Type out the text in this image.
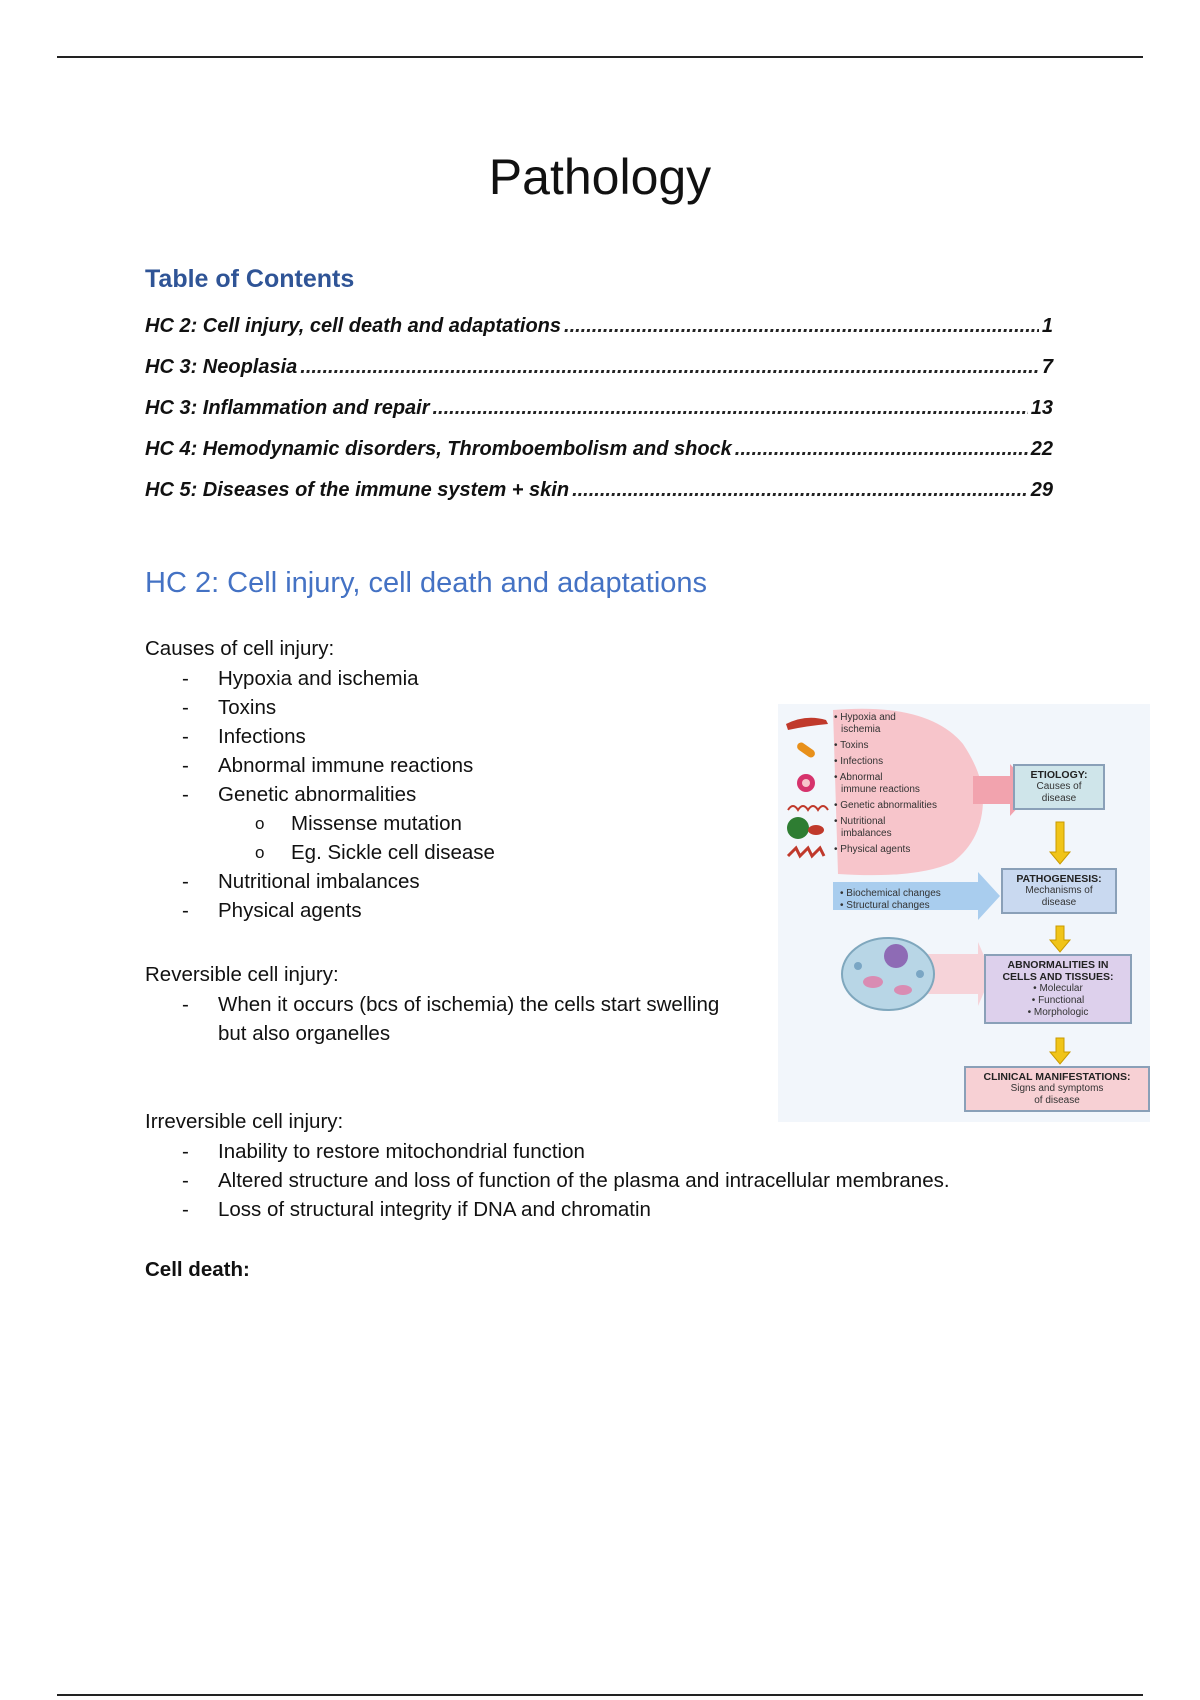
Pathology
Table of Contents
HC 2: Cell injury, cell death and adaptations .....	1
HC 3: Neoplasia .....	7
HC 3: Inflammation and repair .....	13
HC 4: Hemodynamic disorders, Thromboembolism and shock .....	22
HC 5: Diseases of the immune system + skin .....	29
HC 2: Cell injury, cell death and adaptations

Causes of cell injury:

- Hypoxia and ischemia
- Toxins
- Infections
- Abnormal immune reactions
- Genetic abnormalities
o Missense mutation
o Eg. Sickle cell disease
- Nutritional imbalances
- Physical agents

Reversible cell injury:

- When it occurs (bcs of ischemia) the cells start swelling
but also organelles

Irreversible cell injury:

- Inability to restore mitochondrial function
- Altered structure and loss of function of the plasma and intracellular membranes.
- Loss of structural integrity if DNA and chromatin
Cell death:
• Hypoxia and
ischemia
• Toxins
• Infections
• Abnormal
immune reactions
• Genetic abnormalities
• Nutritional
imbalances
• Physical agents
• Biochemical changes
• Structural changes
ETIOLOGY:
Causes of
disease
PATHOGENESIS:
Mechanisms of
disease
ABNORMALITIES IN
CELLS AND TISSUES:
• Molecular
• Functional
• Morphologic
CLINICAL MANIFESTATIONS:
Signs and symptoms
of disease
